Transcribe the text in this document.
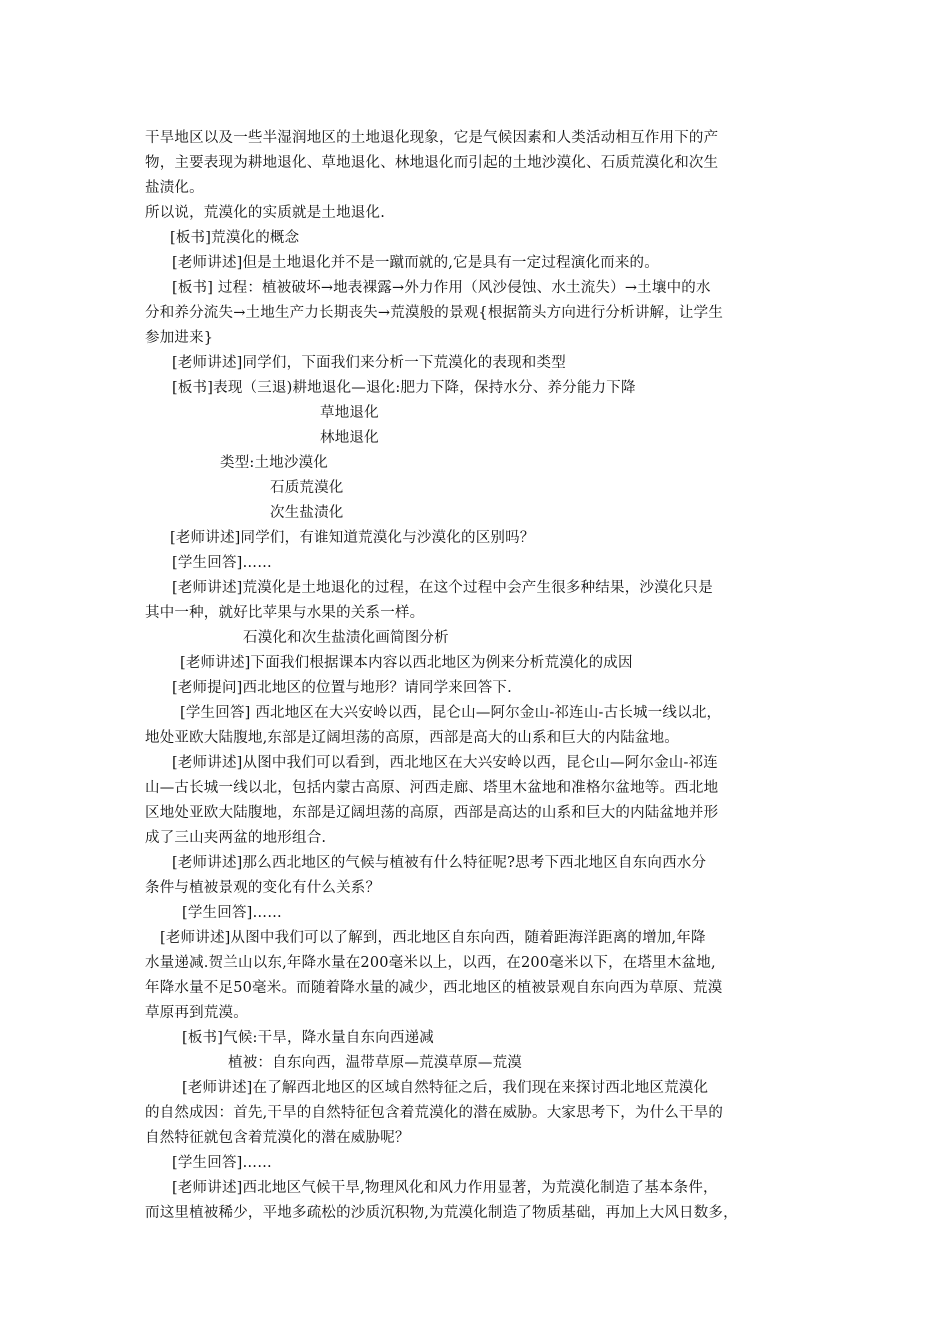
干旱地区以及一些半湿润地区的土地退化现象，它是气候因素和人类活动相互作用下的产
物，主要表现为耕地退化、草地退化、林地退化而引起的土地沙漠化、石质荒漠化和次生
盐渍化。
所以说，荒漠化的实质就是土地退化.
[板书]荒漠化的概念
[老师讲述]但是土地退化并不是一蹴而就的,它是具有一定过程演化而来的。
[板书] 过程：植被破坏→地表裸露→外力作用（风沙侵蚀、水土流失）→土壤中的水
分和养分流失→土地生产力长期丧失→荒漠般的景观{根据箭头方向进行分析讲解，让学生
参加进来}
[老师讲述]同学们，下面我们来分析一下荒漠化的表现和类型
[板书]表现（三退)耕地退化—退化:肥力下降，保持水分、养分能力下降
草地退化
林地退化
类型:土地沙漠化
石质荒漠化
次生盐渍化
[老师讲述]同学们，有谁知道荒漠化与沙漠化的区别吗？
[学生回答]……
[老师讲述]荒漠化是土地退化的过程，在这个过程中会产生很多种结果，沙漠化只是
其中一种，就好比苹果与水果的关系一样。
石漠化和次生盐渍化画简图分析
[老师讲述]下面我们根据课本内容以西北地区为例来分析荒漠化的成因
[老师提问]西北地区的位置与地形？请同学来回答下.
[学生回答] 西北地区在大兴安岭以西，昆仑山—阿尔金山-祁连山-古长城一线以北，
地处亚欧大陆腹地,东部是辽阔坦荡的高原，西部是高大的山系和巨大的内陆盆地。
[老师讲述]从图中我们可以看到，西北地区在大兴安岭以西，昆仑山—阿尔金山-祁连
山—古长城一线以北，包括内蒙古高原、河西走廊、塔里木盆地和准格尔盆地等。西北地
区地处亚欧大陆腹地，东部是辽阔坦荡的高原，西部是高达的山系和巨大的内陆盆地并形
成了三山夹两盆的地形组合.
[老师讲述]那么西北地区的气候与植被有什么特征呢?思考下西北地区自东向西水分
条件与植被景观的变化有什么关系？
[学生回答]……
[老师讲述]从图中我们可以了解到，西北地区自东向西，随着距海洋距离的增加,年降
水量递减.贺兰山以东,年降水量在200毫米以上，以西，在200毫米以下，在塔里木盆地,
年降水量不足50毫米。而随着降水量的减少，西北地区的植被景观自东向西为草原、荒漠
草原再到荒漠。
[板书]气候:干旱，降水量自东向西递减
植被：自东向西，温带草原—荒漠草原—荒漠
[老师讲述]在了解西北地区的区域自然特征之后，我们现在来探讨西北地区荒漠化
的自然成因：首先,干旱的自然特征包含着荒漠化的潜在威胁。大家思考下，为什么干旱的
自然特征就包含着荒漠化的潜在威胁呢？
[学生回答]……
[老师讲述]西北地区气候干旱,物理风化和风力作用显著，为荒漠化制造了基本条件，
而这里植被稀少，平地多疏松的沙质沉积物,为荒漠化制造了物质基础，再加上大风日数多，
